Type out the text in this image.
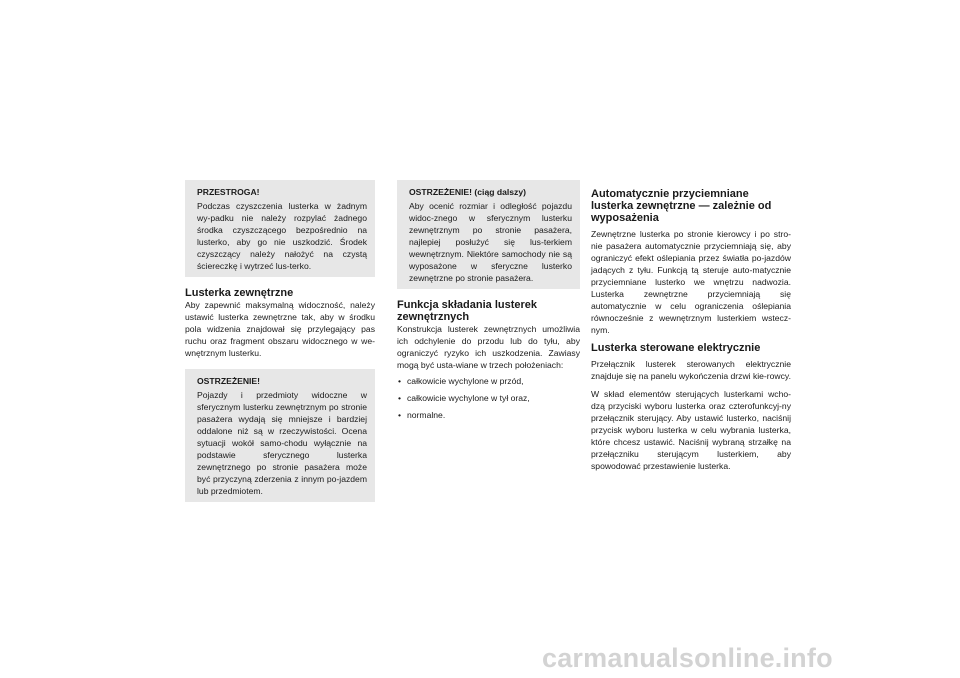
PRZESTROGA!
Podczas czyszczenia lusterka w żadnym wy-padku nie należy rozpylać żadnego środka czyszczącego bezpośrednio na lusterko, aby go nie uszkodzić. Środek czyszczący należy nałożyć na czystą ściereczkę i wytrzeć lus-terko.
Lusterka zewnętrzne

Aby zapewnić maksymalną widoczność, należy ustawić lusterka zewnętrzne tak, aby w środku pola widzenia znajdował się przylegający pas ruchu oraz fragment obszaru widocznego w we-wnętrznym lusterku.

OSTRZEŻENIE!
Pojazdy i przedmioty widoczne w sferycznym lusterku zewnętrznym po stronie pasażera wydają się mniejsze i bardziej oddalone niż są w rzeczywistości. Ocena sytuacji wokół samo-chodu wyłącznie na podstawie sferycznego lusterka zewnętrznego po stronie pasażera może być przyczyną zderzenia z innym po-jazdem lub przedmiotem.
OSTRZEŻENIE! (ciąg dalszy)
Aby ocenić rozmiar i odległość pojazdu widoc-znego w sferycznym lusterku zewnętrznym po stronie pasażera, najlepiej posłużyć się lus-terkiem wewnętrznym. Niektóre samochody nie są wyposażone w sferyczne lusterko zewnętrzne po stronie pasażera.
Funkcja składania lusterek zewnętrznych

Konstrukcja lusterek zewnętrznych umożliwia ich odchylenie do przodu lub do tyłu, aby ograniczyć ryzyko ich uszkodzenia. Zawiasy mogą być usta-wiane w trzech położeniach:

• całkowicie wychylone w przód,
• całkowicie wychylone w tył oraz,
• normalne.
Automatycznie przyciemniane lusterka zewnętrzne — zależnie od wyposażenia

Zewnętrzne lusterka po stronie kierowcy i po stro-nie pasażera automatycznie przyciemniają się, aby ograniczyć efekt oślepiania przez światła po-jazdów jadących z tyłu. Funkcją tą steruje auto-matycznie przyciemniane lusterko we wnętrzu nadwozia. Lusterka zewnętrzne przyciemniają się automatycznie w celu ograniczenia oślepiania równocześnie z wewnętrznym lusterkiem wstecz-nym.

Lusterka sterowane elektrycznie

Przełącznik lusterek sterowanych elektrycznie znajduje się na panelu wykończenia drzwi kie-rowcy.

W skład elementów sterujących lusterkami wcho-dzą przyciski wyboru lusterka oraz czterofunkcyj-ny przełącznik sterujący. Aby ustawić lusterko, naciśnij przycisk wyboru lusterka w celu wybrania lusterka, które chcesz ustawić. Naciśnij wybraną strzałkę na przełączniku sterującym lusterkiem, aby spowodować przestawienie lusterka.

carmanualsonline.info
